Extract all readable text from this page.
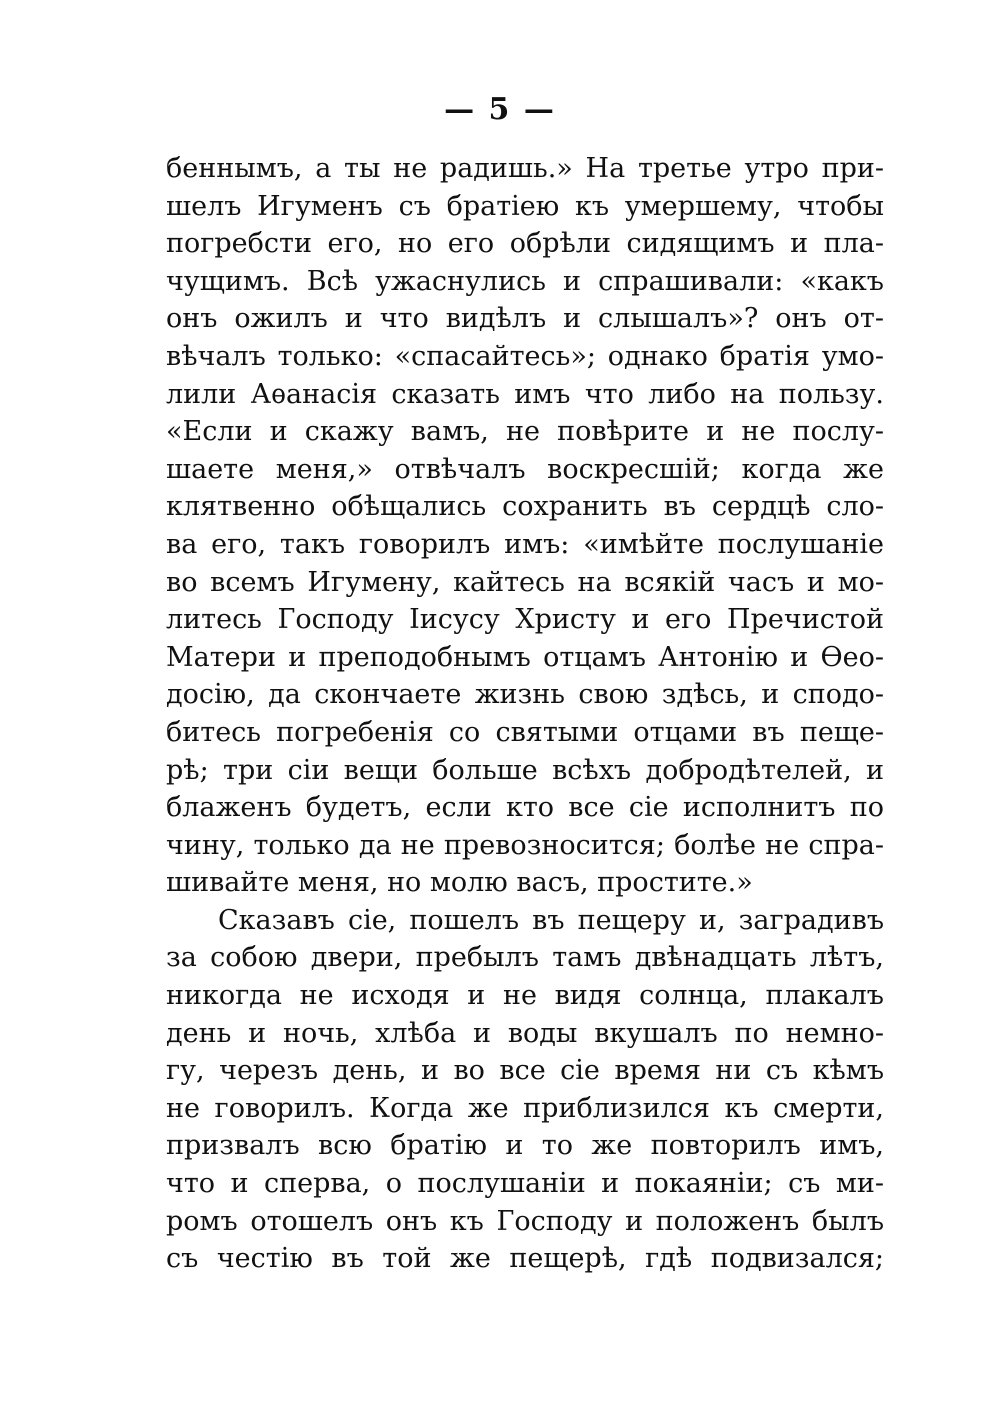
— 5 —
беннымъ, а ты не радишь.» На третье утро при-
шелъ Игуменъ съ братiею къ умершему, чтобы
погребсти его, но его обрѣли сидящимъ и пла-
чущимъ. Всѣ ужаснулись и спрашивали: «какъ
онъ ожилъ и что видѣлъ и слышалъ»? онъ от-
вѣчалъ только: «спасайтесь»; однако братiя умо-
лили Аѳанасiя сказать имъ что либо на пользу.
«Если и скажу вамъ, не повѣрите и не послу-
шаете меня,» отвѣчалъ воскресшiй; когда же
клятвенно обѣщались сохранить въ сердцѣ сло-
ва его, такъ говорилъ имъ: «имѣйте послушанiе
во всемъ Игумену, кайтесь на всякiй часъ и мо-
литесь Господу Iисусу Христу и его Пречистой
Матери и преподобнымъ отцамъ Антонiю и Ѳео-
досiю, да скончаете жизнь свою здѣсь, и сподо-
битесь погребенiя со святыми отцами въ пеще-
рѣ; три сiи вещи больше всѣхъ добродѣтелей, и
блаженъ будетъ, если кто все сiе исполнитъ по
чину, только да не превозносится; болѣе не спра-
шивайте меня, но молю васъ, простите.»
Сказавъ сiе, пошелъ въ пещеру и, заградивъ
за собою двери, пребылъ тамъ двѣнадцать лѣтъ,
никогда не исходя и не видя солнца, плакалъ
день и ночь, хлѣба и воды вкушалъ по немно-
гу, черезъ день, и во все сiе время ни съ кѣмъ
не говорилъ. Когда же приблизился къ смерти,
призвалъ всю братiю и то же повторилъ имъ,
что и сперва, о послушанiи и покаянiи; съ ми-
ромъ отошелъ онъ къ Господу и положенъ былъ
съ честiю въ той же пещерѣ, гдѣ подвизался;
